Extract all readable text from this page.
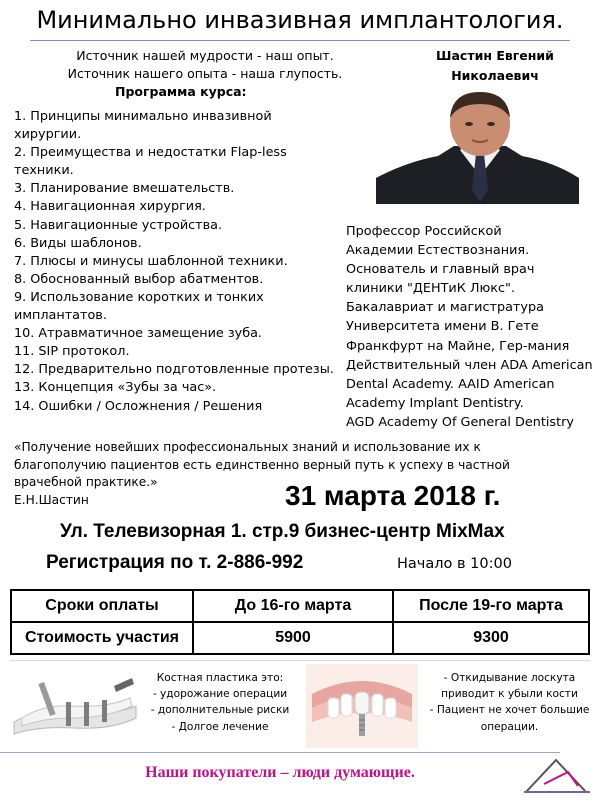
Минимально инвазивная имплантология.
Источник нашей мудрости - наш опыт.
Источник нашего опыта - наша глупость.
Программа курса:
Шастин Евгений
Николаевич
1. Принципы минимально инвазивной хирургии.
2. Преимущества и недостатки Flap-less техники.
3. Планирование вмешательств.
4. Навигационная хирургия.
5. Навигационные устройства.
6. Виды шаблонов.
7. Плюсы и минусы шаблонной техники.
8. Обоснованный выбор абатментов.
9. Использование коротких и тонких имплантатов.
10. Атравматичное замещение зуба.
11. SIP протокол.
12. Предварительно подготовленные протезы.
13. Концепция «Зубы за час».
14. Ошибки / Осложнения / Решения
Профессор Российской
Академии Естествознания.
Основатель и главный врач
клиники "ДЕНТиК Люкс".
Бакалавриат и магистратура
Университета имени В. Гете
Франкфурт на Майне, Гер-мания
Действительный член ADA American
Dental Academy. AAID American
Academy Implant Dentistry.
AGD Academy Of General Dentistry
«Получение новейших профессиональных знаний и использование их к
благополучию пациентов есть единственно верный путь к успеху в частной
врачебной практике.»
Е.Н.Шастин	31 марта 2018 г.
Ул. Телевизорная 1. стр.9 бизнес-центр MixMax
Регистрация по т. 2-886-992	Начало в 10:00
Сроки оплаты	До 16-го марта	После 19-го марта
Стоимость участия	5900	9300
Костная пластика это:
- удорожание операции
- дополнительные риски
- Долгое лечение
- Откидывание лоскута
приводит к убыли кости
- Пациент не хочет большие
операции.
Наши покупатели – люди думающие.
